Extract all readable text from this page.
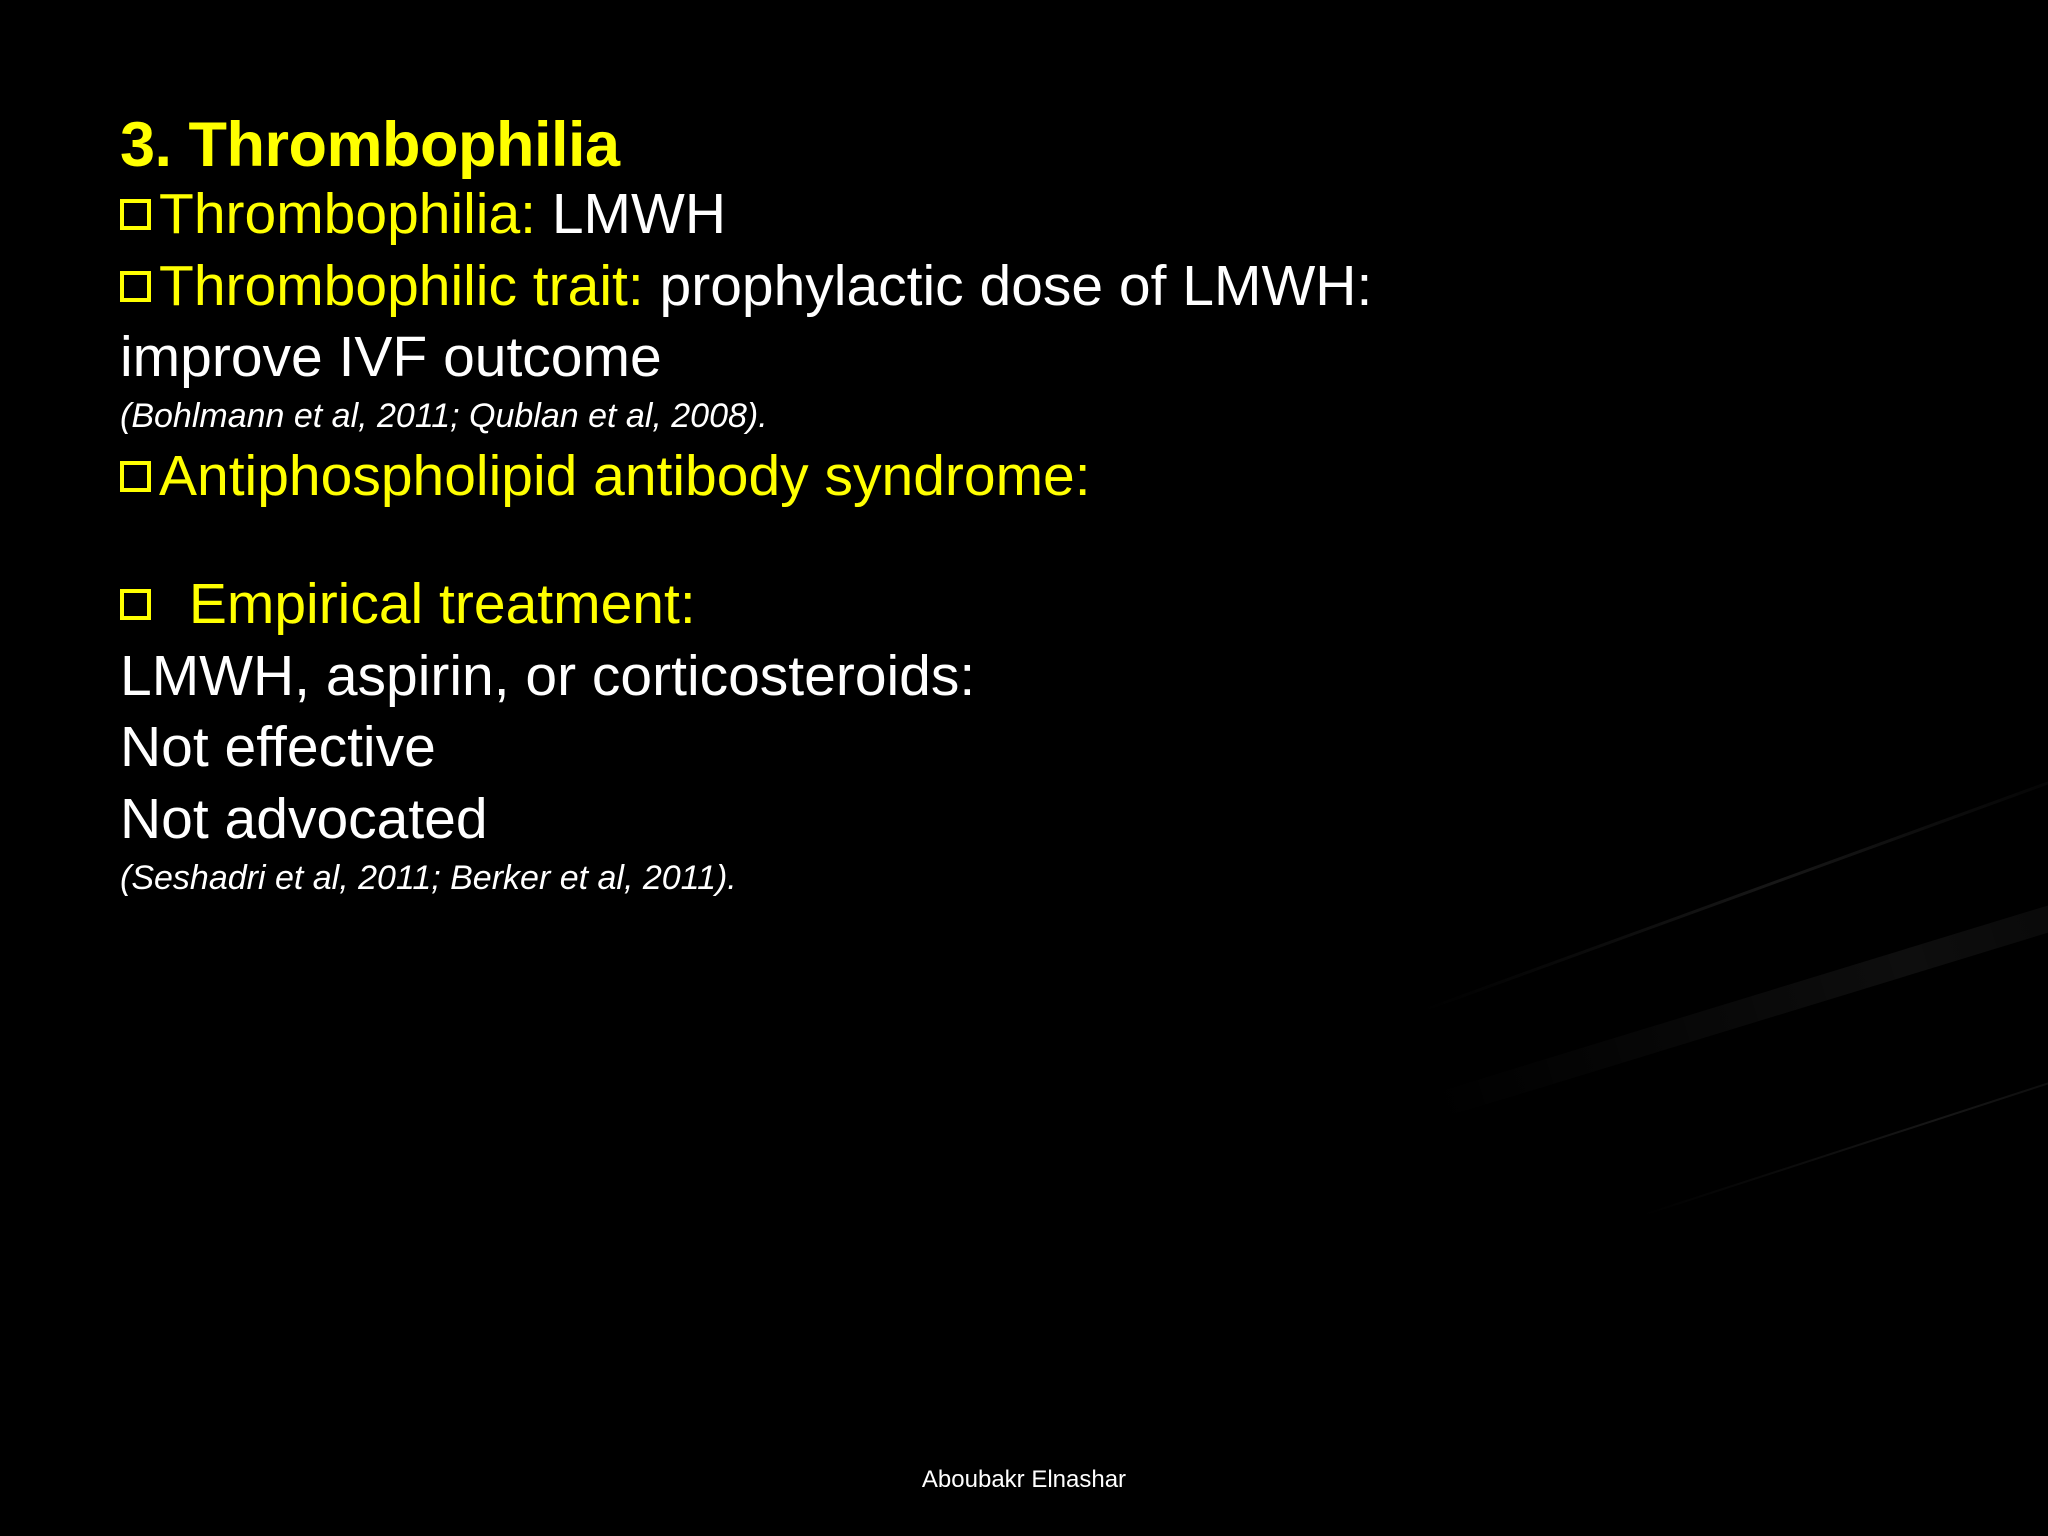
3. Thrombophilia
Thrombophilia: LMWH
Thrombophilic trait: prophylactic dose of LMWH:
improve IVF outcome
(Bohlmann et al, 2011; Qublan et al, 2008).
Antiphospholipid antibody syndrome:
Empirical treatment:
LMWH, aspirin, or corticosteroids:
Not effective
Not advocated
(Seshadri et al, 2011; Berker et al, 2011).
Aboubakr Elnashar
